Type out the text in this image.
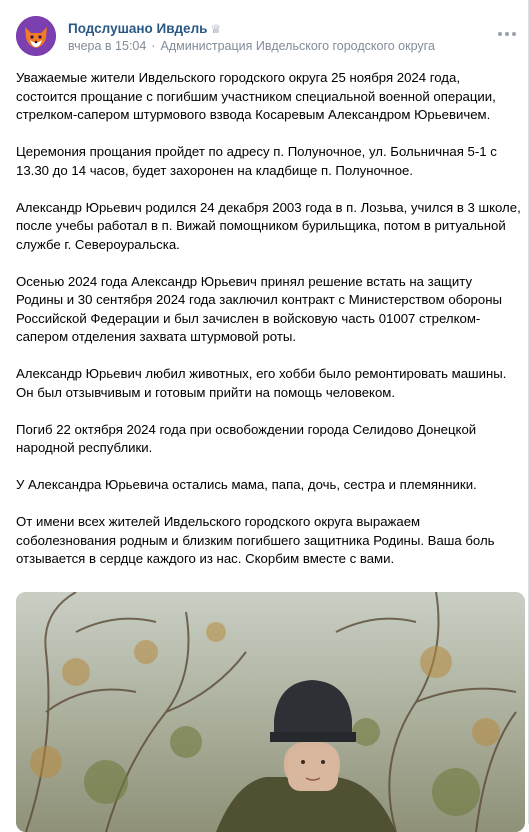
Подслушано Ивдель ♕
вчера в 15:04 · Администрация Ивдельского городского округа

Уважаемые жители Ивдельского городского округа 25 ноября 2024 года, состоится прощание с погибшим участником специальной военной операции, стрелком-сапером штурмового взвода Косаревым Александром Юрьевичем.

Церемония прощания пройдет по адресу п. Полуночное, ул. Больничная 5-1 с 13.30 до 14 часов, будет захоронен на кладбище п. Полуночное.

Александр Юрьевич родился 24 декабря 2003 года в п. Лозьва, учился в 3 школе, после учебы работал в п. Вижай помощником бурильщика, потом в ритуальной службе г. Североуральска.

Осенью 2024 года Александр Юрьевич принял решение встать на защиту Родины и 30 сентября 2024 года заключил контракт с Министерством обороны Российской Федерации и был зачислен в войсковую часть 01007 стрелком-сапером отделения захвата штурмовой роты.

Александр Юрьевич любил животных, его хобби было ремонтировать машины. Он был отзывчивым и готовым прийти на помощь человеком.

Погиб 22 октября 2024 года при освобождении города Селидово Донецкой народной республики.

У Александра Юрьевича остались мама, папа, дочь, сестра и племянники.

От имени всех жителей Ивдельского городского округа выражаем соболезнования родным и близким погибшего защитника Родины. Ваша боль отзывается в сердце каждого из нас. Скорбим вместе с вами.
